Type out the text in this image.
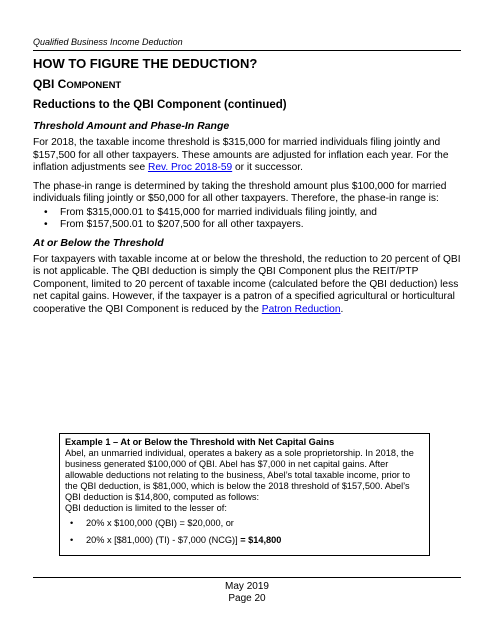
Qualified Business Income Deduction
HOW TO FIGURE THE DEDUCTION?
QBI COMPONENT
Reductions to the QBI Component (continued)
Threshold Amount and Phase-In Range

For 2018, the taxable income threshold is $315,000 for married individuals filing jointly and $157,500 for all other taxpayers. These amounts are adjusted for inflation each year. For the inflation adjustments see Rev. Proc 2018-59 or it successor.

The phase-in range is determined by taking the threshold amount plus $100,000 for married individuals filing jointly or $50,000 for all other taxpayers. Therefore, the phase-in range is:

• From $315,000.01 to $415,000 for married individuals filing jointly, and
• From $157,500.01 to $207,500 for all other taxpayers.
At or Below the Threshold

For taxpayers with taxable income at or below the threshold, the reduction to 20 percent of QBI is not applicable. The QBI deduction is simply the QBI Component plus the REIT/PTP Component, limited to 20 percent of taxable income (calculated before the QBI deduction) less net capital gains. However, if the taxpayer is a patron of a specified agricultural or horticultural cooperative the QBI Component is reduced by the Patron Reduction.

Example 1 – At or Below the Threshold with Net Capital Gains
Abel, an unmarried individual, operates a bakery as a sole proprietorship. In 2018, the business generated $100,000 of QBI. Abel has $7,000 in net capital gains. After allowable deductions not relating to the business, Abel’s total taxable income, prior to the QBI deduction, is $81,000, which is below the 2018 threshold of $157,500. Abel’s QBI deduction is $14,800, computed as follows:
QBI deduction is limited to the lesser of:
• 20% x $100,000 (QBI) = $20,000, or
• 20% x [$81,000) (TI) - $7,000 (NCG)] = $14,800
May 2019
Page 20
